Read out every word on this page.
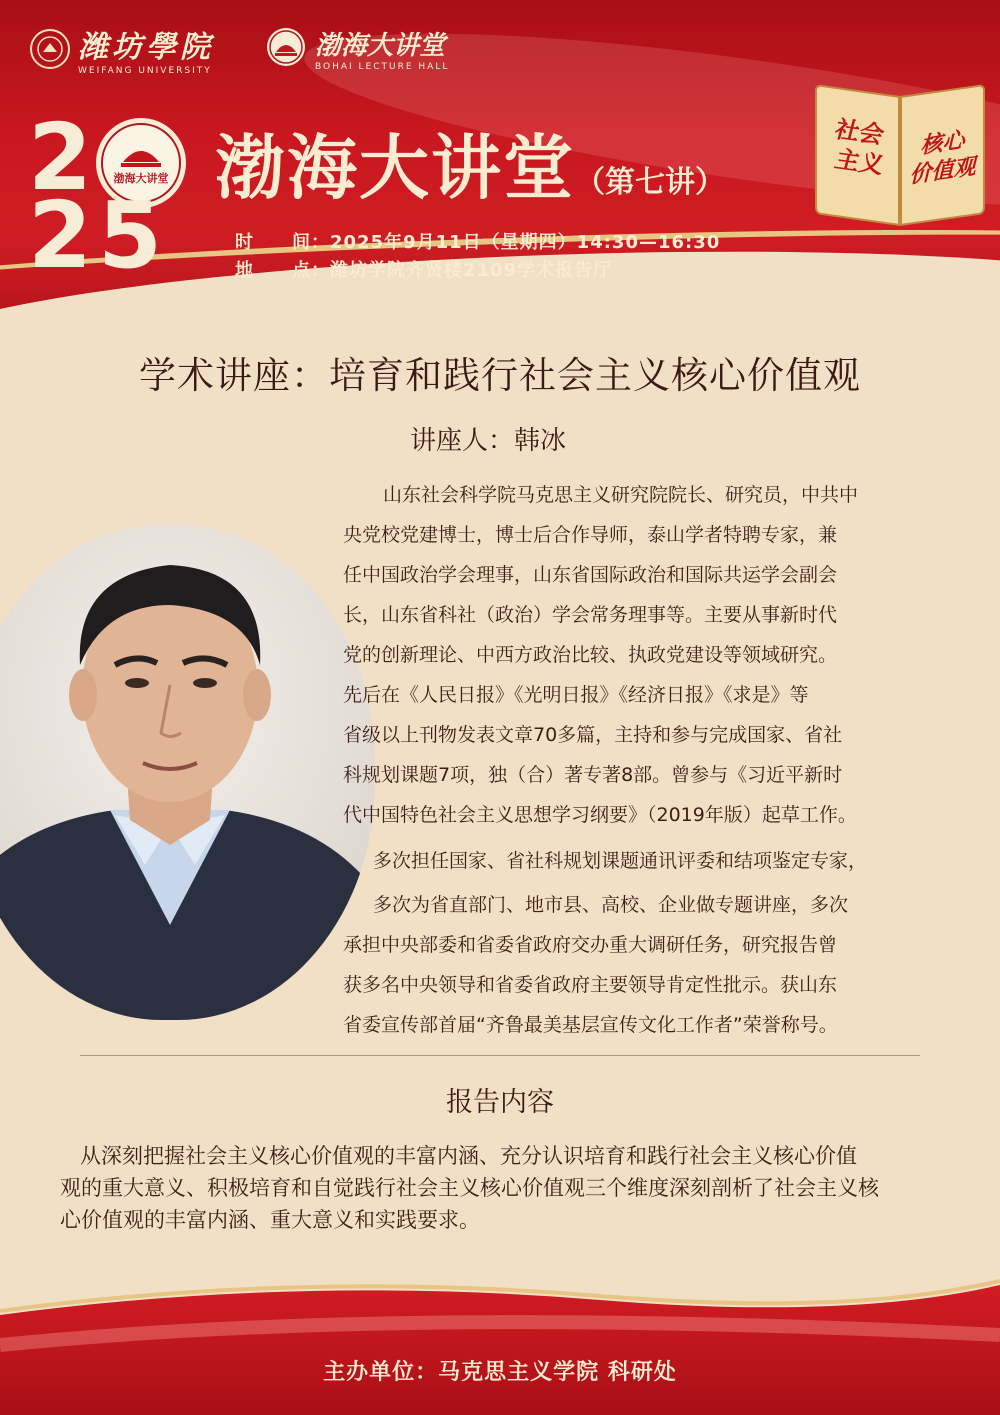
潍坊學院
WEIFANG UNIVERSITY
渤海大讲堂
BOHAI LECTURE HALL
2 渤海大讲堂
25
渤海大讲堂 （第七讲）
时　　间：2025年9月11日（星期四）14:30—16:30
地　　点：潍坊学院齐贤楼2109学术报告厅
社会
主义
核心
价值观
学术讲座：培育和践行社会主义核心价值观
讲座人：韩冰
山东社会科学院马克思主义研究院院长、研究员，中共中
央党校党建博士，博士后合作导师，泰山学者特聘专家，兼
任中国政治学会理事，山东省国际政治和国际共运学会副会
长，山东省科社（政治）学会常务理事等。主要从事新时代
党的创新理论、中西方政治比较、执政党建设等领域研究。
先后在《人民日报》《光明日报》《经济日报》《求是》等
省级以上刊物发表文章70多篇，主持和参与完成国家、省社
科规划课题7项，独（合）著专著8部。曾参与《习近平新时
代中国特色社会主义思想学习纲要》（2019年版）起草工作。
多次担任国家、省社科规划课题通讯评委和结项鉴定专家，
多次为省直部门、地市县、高校、企业做专题讲座，多次
承担中央部委和省委省政府交办重大调研任务，研究报告曾
获多名中央领导和省委省政府主要领导肯定性批示。获山东
省委宣传部首届“齐鲁最美基层宣传文化工作者”荣誉称号。
报告内容
从深刻把握社会主义核心价值观的丰富内涵、充分认识培育和践行社会主义核心价值
观的重大意义、积极培育和自觉践行社会主义核心价值观三个维度深刻剖析了社会主义核
心价值观的丰富内涵、重大意义和实践要求。
主办单位：马克思主义学院 科研处
